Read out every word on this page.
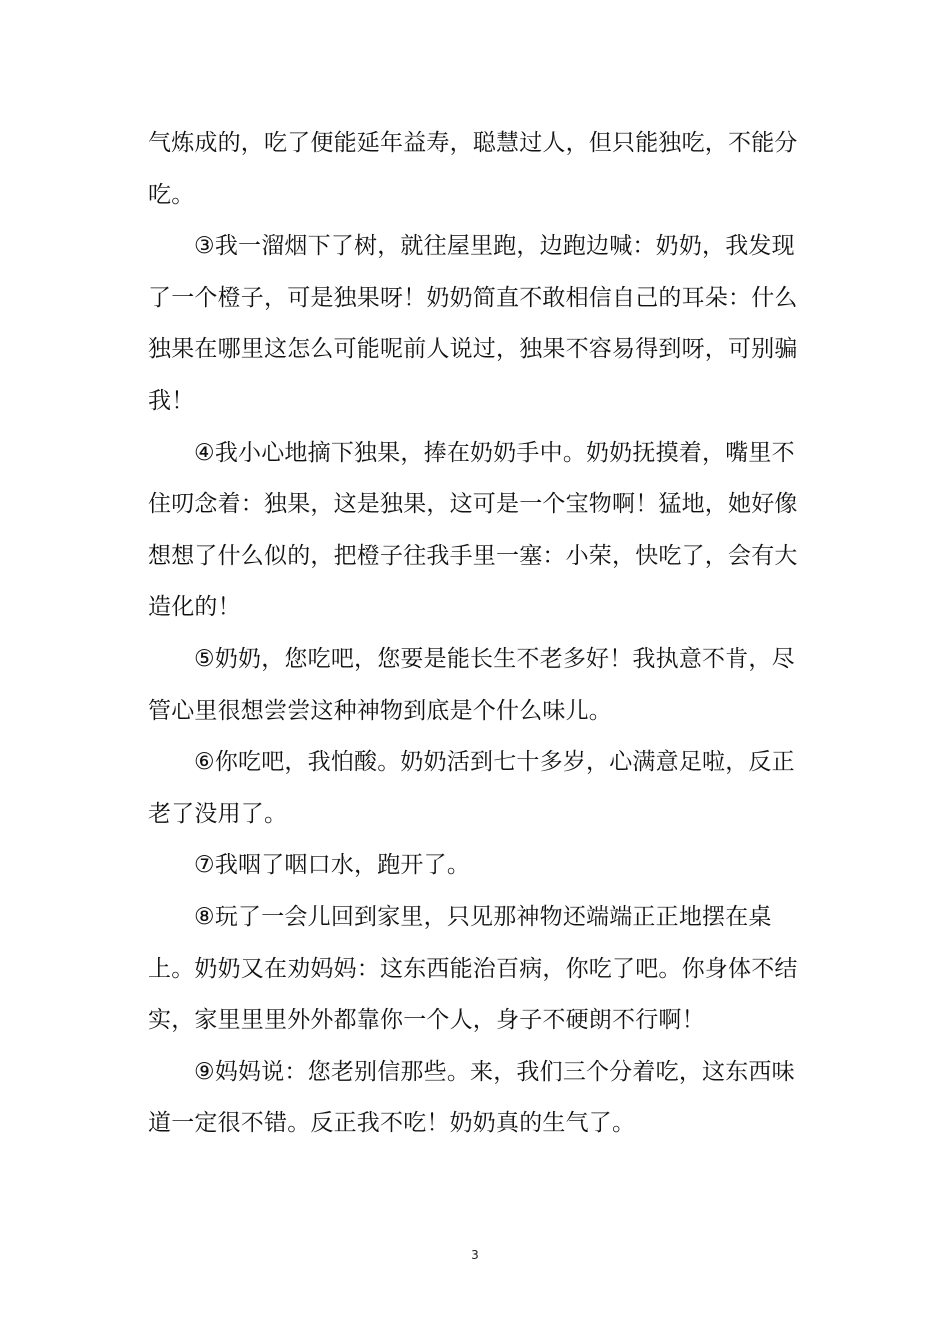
气炼成的，吃了便能延年益寿，聪慧过人，但只能独吃，不能分吃。

③我一溜烟下了树，就往屋里跑，边跑边喊：奶奶，我发现了一个橙子，可是独果呀！奶奶简直不敢相信自己的耳朵：什么独果在哪里这怎么可能呢前人说过，独果不容易得到呀，可别骗我！

④我小心地摘下独果，捧在奶奶手中。奶奶抚摸着，嘴里不住叨念着：独果，这是独果，这可是一个宝物啊！猛地，她好像想想了什么似的，把橙子往我手里一塞：小荣，快吃了，会有大造化的！

⑤奶奶，您吃吧，您要是能长生不老多好！我执意不肯，尽管心里很想尝尝这种神物到底是个什么味儿。

⑥你吃吧，我怕酸。奶奶活到七十多岁，心满意足啦，反正老了没用了。

⑦我咽了咽口水，跑开了。

⑧玩了一会儿回到家里，只见那神物还端端正正地摆在桌上。奶奶又在劝妈妈：这东西能治百病，你吃了吧。你身体不结实，家里里里外外都靠你一个人，身子不硬朗不行啊！

⑨妈妈说：您老别信那些。来，我们三个分着吃，这东西味道一定很不错。反正我不吃！奶奶真的生气了。

3
